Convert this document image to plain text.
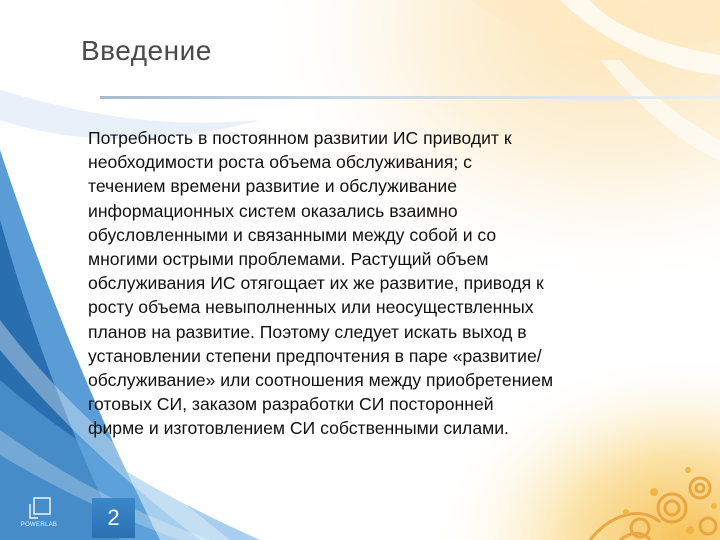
Введение
Потребность в постоянном развитии ИС приводит к
необходимости роста объема обслуживания; с
течением времени развитие и обслуживание
информационных систем оказались взаимно
обусловленными и связанными между собой и со
многими острыми проблемами. Растущий объем
обслуживания ИС отягощает их же развитие, приводя к
росту объема невыполненных или неосуществленных
планов на развитие. Поэтому следует искать выход в
установлении степени предпочтения в паре «развитие/
обслуживание» или соотношения между приобретением
готовых СИ, заказом разработки СИ посторонней
фирме и изготовлением СИ собственными силами.
POWERLAB	2
